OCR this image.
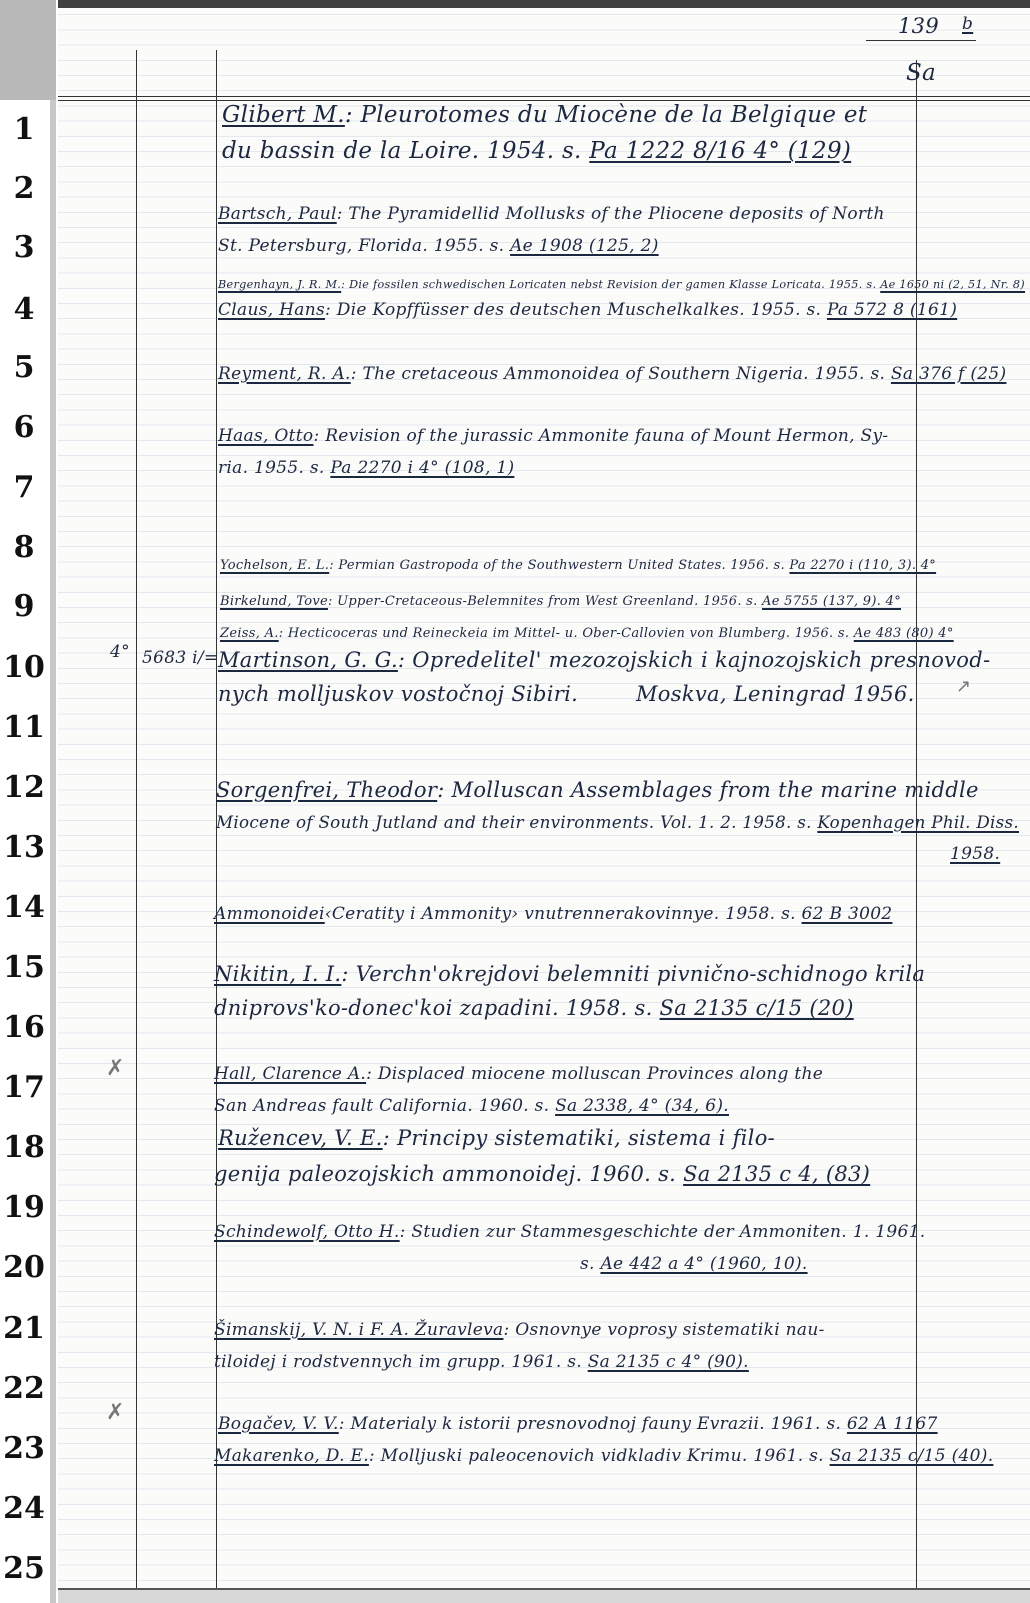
139 b
Sa
1
2
3
4
5
6
7
8
9
10
11
12
13
14
15
16
17
18
19
20
21
22
23
24
25
4° 5683 i/=
✗
✗
↗
Glibert M.: Pleurotomes du Miocène de la Belgique et
du bassin de la Loire. 1954. s. Pa 1222 8/16 4° (129)
Bartsch, Paul: The Pyramidellid Mollusks of the Pliocene deposits of North
St. Petersburg, Florida. 1955. s. Ae 1908 (125, 2)
Bergenhayn, J. R. M.: Die fossilen schwedischen Loricaten nebst Revision der gamen Klasse Loricata. 1955. s. Ae 1650 ni (2, 51, Nr. 8)
Claus, Hans: Die Kopffüsser des deutschen Muschelkalkes. 1955. s. Pa 572 8 (161)
Reyment, R. A.: The cretaceous Ammonoidea of Southern Nigeria. 1955. s. Sa 376 f (25)
Haas, Otto: Revision of the jurassic Ammonite fauna of Mount Hermon, Sy-
ria. 1955. s. Pa 2270 i 4° (108, 1)
Yochelson, E. L.: Permian Gastropoda of the Southwestern United States. 1956. s. Pa 2270 i (110, 3). 4°
Birkelund, Tove: Upper-Cretaceous-Belemnites from West Greenland. 1956. s. Ae 5755 (137, 9). 4°
Zeiss, A.: Hecticoceras und Reineckeia im Mittel- u. Ober-Callovien von Blumberg. 1956. s. Ae 483 (80) 4°
Martinson, G. G.: Opredelitel' mezozojskich i kajnozojskich presnovod-
nych molljuskov vostočnoj Sibiri.	Moskva, Leningrad 1956.
Sorgenfrei, Theodor: Molluscan Assemblages from the marine middle
Miocene of South Jutland and their environments. Vol. 1. 2. 1958. s. Kopenhagen Phil. Diss.
1958.
Ammonoidei‹Ceratity i Ammonity› vnutrennerakovinnye. 1958. s. 62 B 3002
Nikitin, I. I.: Verchn'okrejdovi belemniti pivnično-schidnogo krila
dniprovs'ko-donec'koi zapadini. 1958. s. Sa 2135 c/15 (20)
Hall, Clarence A.: Displaced miocene molluscan Provinces along the
San Andreas fault California. 1960. s. Sa 2338, 4° (34, 6).
Ružencev, V. E.: Principy sistematiki, sistema i filo-
genija paleozojskich ammonoidej. 1960. s. Sa 2135 c 4, (83)
Schindewolf, Otto H.: Studien zur Stammesgeschichte der Ammoniten. 1. 1961.
s. Ae 442 a 4° (1960, 10).
Šimanskij, V. N. i F. A. Žuravleva: Osnovnye voprosy sistematiki nau-
tiloidej i rodstvennych im grupp. 1961. s. Sa 2135 c 4° (90).
Bogačev, V. V.: Materialy k istorii presnovodnoj fauny Evrazii. 1961. s. 62 A 1167
Makarenko, D. E.: Molljuski paleocenovich vidkladiv Krimu. 1961. s. Sa 2135 c/15 (40).
